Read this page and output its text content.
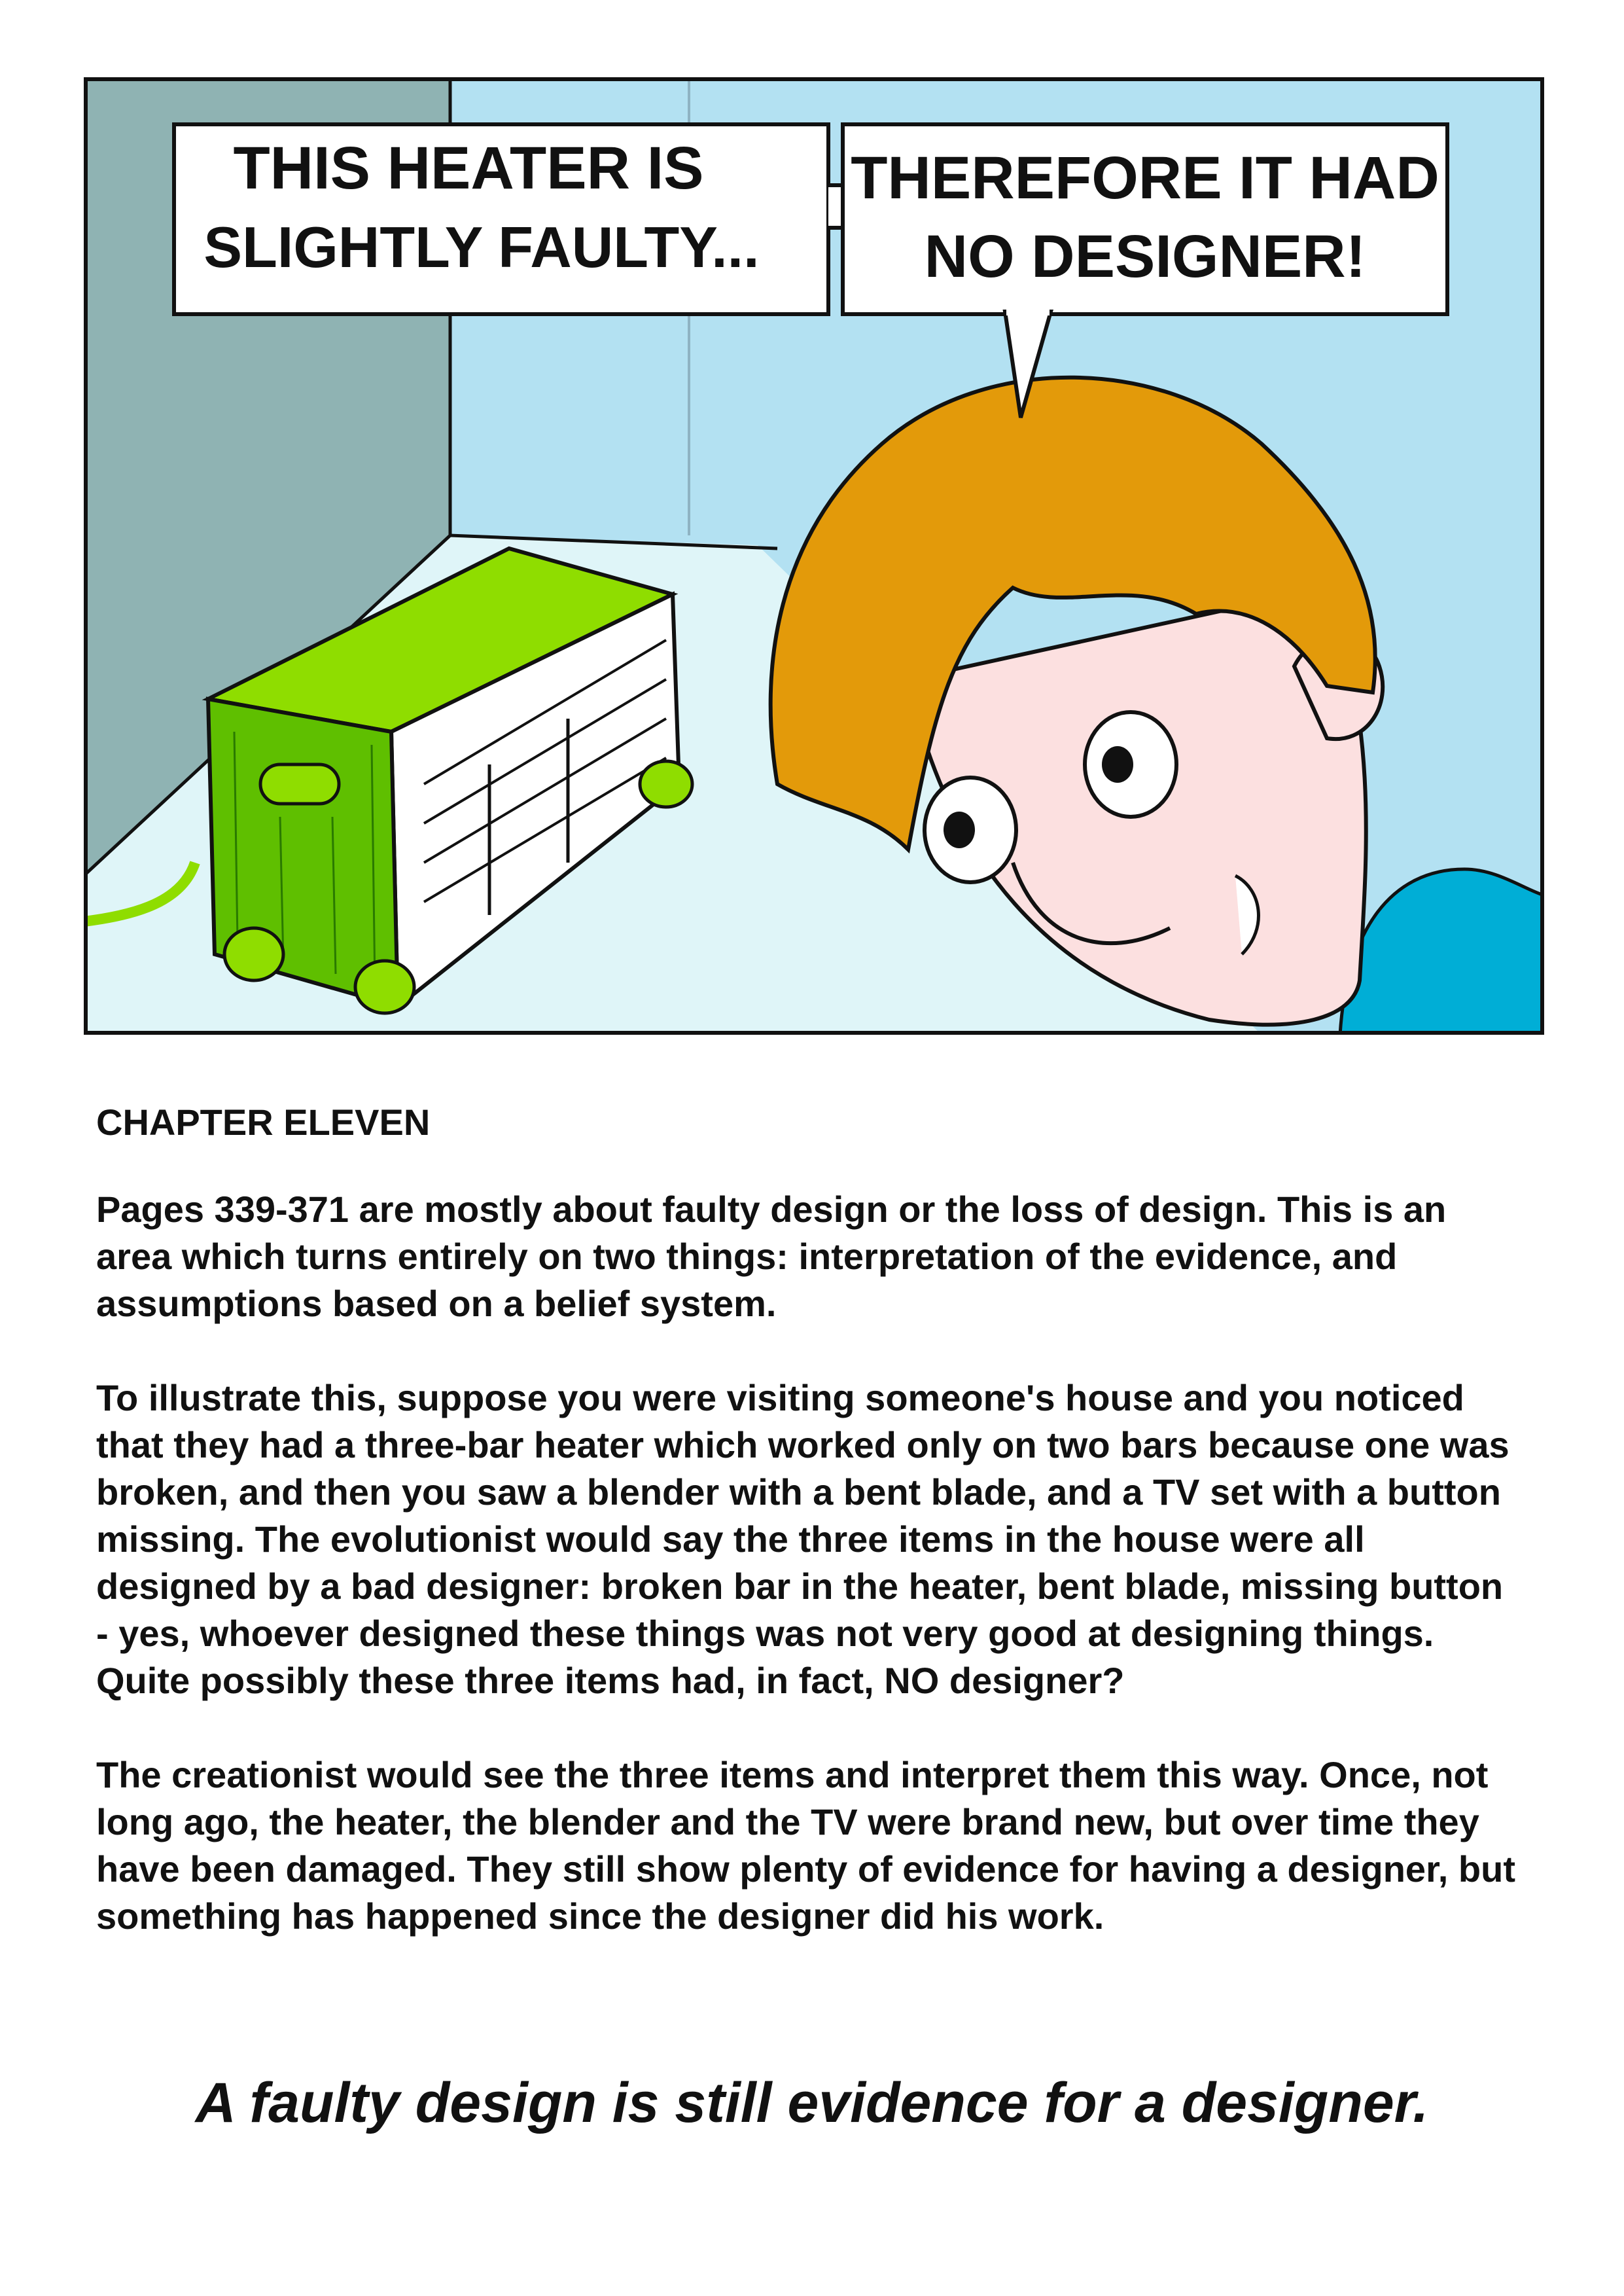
THIS HEATER IS
SLIGHTLY FAULTY...
THEREFORE IT HAD
NO DESIGNER!
CHAPTER ELEVEN

Pages 339-371 are mostly about faulty design or the loss of design. This is an area which turns entirely on two things: interpretation of the evidence, and assumptions based on a belief system.

To illustrate this, suppose you were visiting someone's house and you noticed that they had a three-bar heater which worked only on two bars because one was broken, and then you saw a blender with a bent blade, and a TV set with a button missing. The evolutionist would say the three items in the house were all designed by a bad designer: broken bar in the heater, bent blade, missing button - yes, whoever designed these things was not very good at designing things. Quite possibly these three items had, in fact, NO designer?

The creationist would see the three items and interpret them this way. Once, not long ago, the heater, the blender and the TV were brand new, but over time they have been damaged. They still show plenty of evidence for having a designer, but something has happened since the designer did his work.

A faulty design is still evidence for a designer.
